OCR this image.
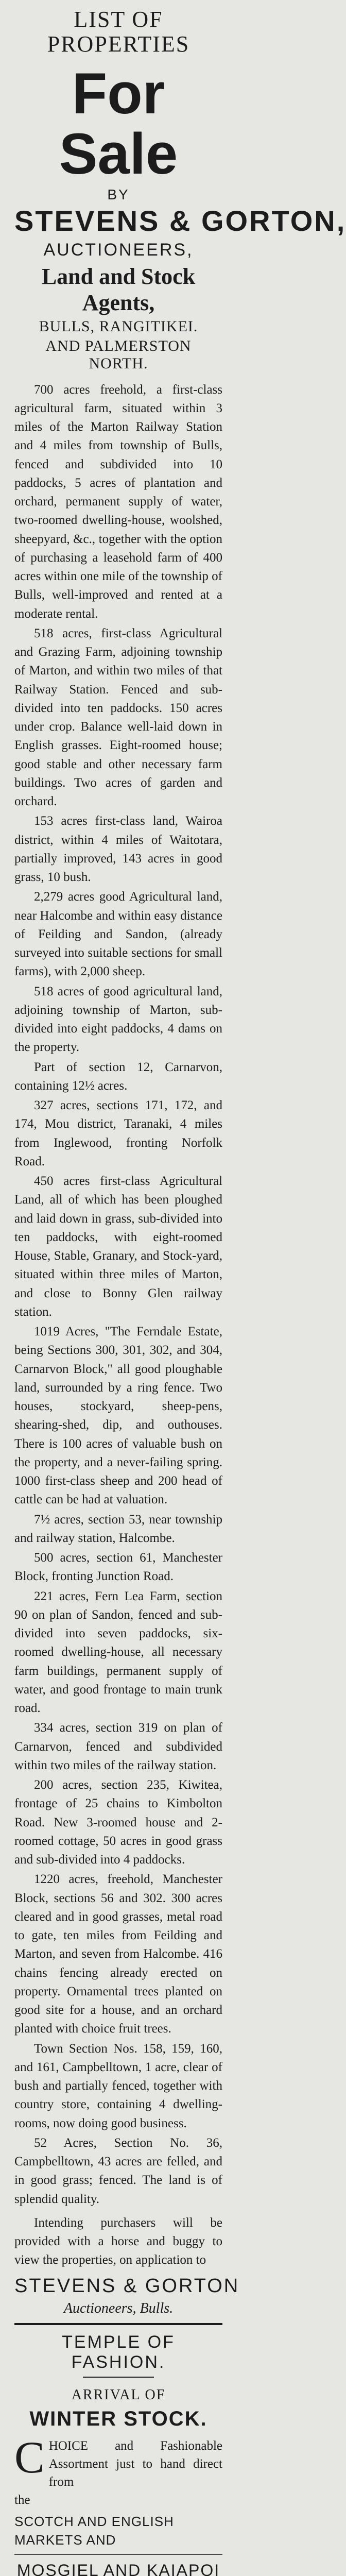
LIST OF PROPERTIES
For Sale
BY
STEVENS & GORTON,
AUCTIONEERS,
Land and Stock Agents,
BULLS, RANGITIKEI.
AND PALMERSTON NORTH.

700 acres freehold, a first-class agricultural farm, situated within 3 miles of the Marton Railway Station and 4 miles from township of Bulls, fenced and subdivided into 10 paddocks, 5 acres of plantation and orchard, permanent supply of water, two-roomed dwelling-house, woolshed, sheepyard, &c., together with the option of purchasing a leasehold farm of 400 acres within one mile of the township of Bulls, well-improved and rented at a moderate rental.

518 acres, first-class Agricultural and Grazing Farm, adjoining township of Marton, and within two miles of that Railway Station. Fenced and sub-divided into ten paddocks. 150 acres under crop. Balance well-laid down in English grasses. Eight-roomed house; good stable and other necessary farm buildings. Two acres of garden and orchard.

153 acres first-class land, Wairoa district, within 4 miles of Waitotara, partially improved, 143 acres in good grass, 10 bush.

2,279 acres good Agricultural land, near Halcombe and within easy distance of Feilding and Sandon, (already surveyed into suitable sections for small farms), with 2,000 sheep.

518 acres of good agricultural land, adjoining township of Marton, sub-divided into eight paddocks, 4 dams on the property.

Part of section 12, Carnarvon, containing 12½ acres.

327 acres, sections 171, 172, and 174, Mou district, Taranaki, 4 miles from Inglewood, fronting Norfolk Road.

450 acres first-class Agricultural Land, all of which has been ploughed and laid down in grass, sub-divided into ten paddocks, with eight-roomed House, Stable, Granary, and Stock-yard, situated within three miles of Marton, and close to Bonny Glen railway station.

1019 Acres, "The Ferndale Estate, being Sections 300, 301, 302, and 304, Carnarvon Block," all good ploughable land, surrounded by a ring fence. Two houses, stockyard, sheep-pens, shearing-shed, dip, and outhouses. There is 100 acres of valuable bush on the property, and a never-failing spring. 1000 first-class sheep and 200 head of cattle can be had at valuation.

7½ acres, section 53, near township and railway station, Halcombe.

500 acres, section 61, Manchester Block, fronting Junction Road.

221 acres, Fern Lea Farm, section 90 on plan of Sandon, fenced and sub-divided into seven paddocks, six-roomed dwelling-house, all necessary farm buildings, permanent supply of water, and good frontage to main trunk road.

334 acres, section 319 on plan of Carnarvon, fenced and subdivided within two miles of the railway station.

200 acres, section 235, Kiwitea, frontage of 25 chains to Kimbolton Road. New 3-roomed house and 2-roomed cottage, 50 acres in good grass and sub-divided into 4 paddocks.

1220 acres, freehold, Manchester Block, sections 56 and 302. 300 acres cleared and in good grasses, metal road to gate, ten miles from Feilding and Marton, and seven from Halcombe. 416 chains fencing already erected on property. Ornamental trees planted on good site for a house, and an orchard planted with choice fruit trees.

Town Section Nos. 158, 159, 160, and 161, Campbelltown, 1 acre, clear of bush and partially fenced, together with country store, containing 4 dwelling-rooms, now doing good business.

52 Acres, Section No. 36, Campbelltown, 43 acres are felled, and in good grass; fenced. The land is of splendid quality.

Intending purchasers will be provided with a horse and buggy to view the properties, on application to

STEVENS & GORTON
Auctioneers, Bulls.
TEMPLE OF FASHION.
ARRIVAL OF
WINTER STOCK.
C HOICE and Fashionable Assortment just to hand direct from
the
SCOTCH AND ENGLISH MARKETS AND
MOSGIEL AND KAIAPOI
